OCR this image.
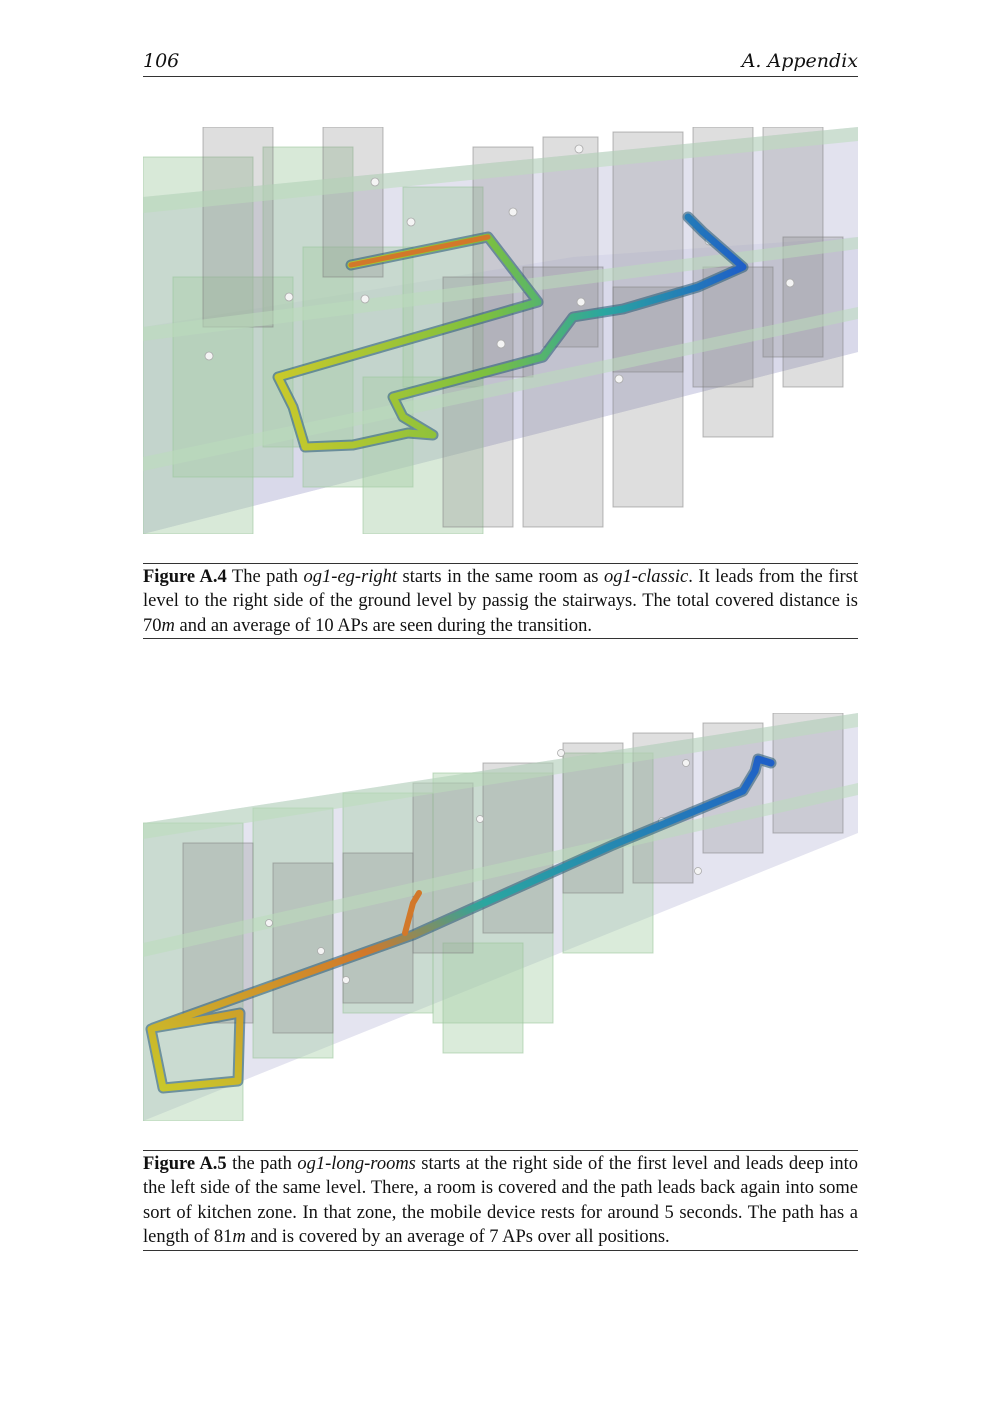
106	A. Appendix
Figure A.4 The path og1-eg-right starts in the same room as og1-classic. It leads from the first level to the right side of the ground level by passig the stairways. The total covered distance is 70m and an average of 10 APs are seen during the transition.
Figure A.5 the path og1-long-rooms starts at the right side of the first level and leads deep into the left side of the same level. There, a room is covered and the path leads back again into some sort of kitchen zone. In that zone, the mobile device rests for around 5 seconds. The path has a length of 81m and is covered by an average of 7 APs over all positions.
